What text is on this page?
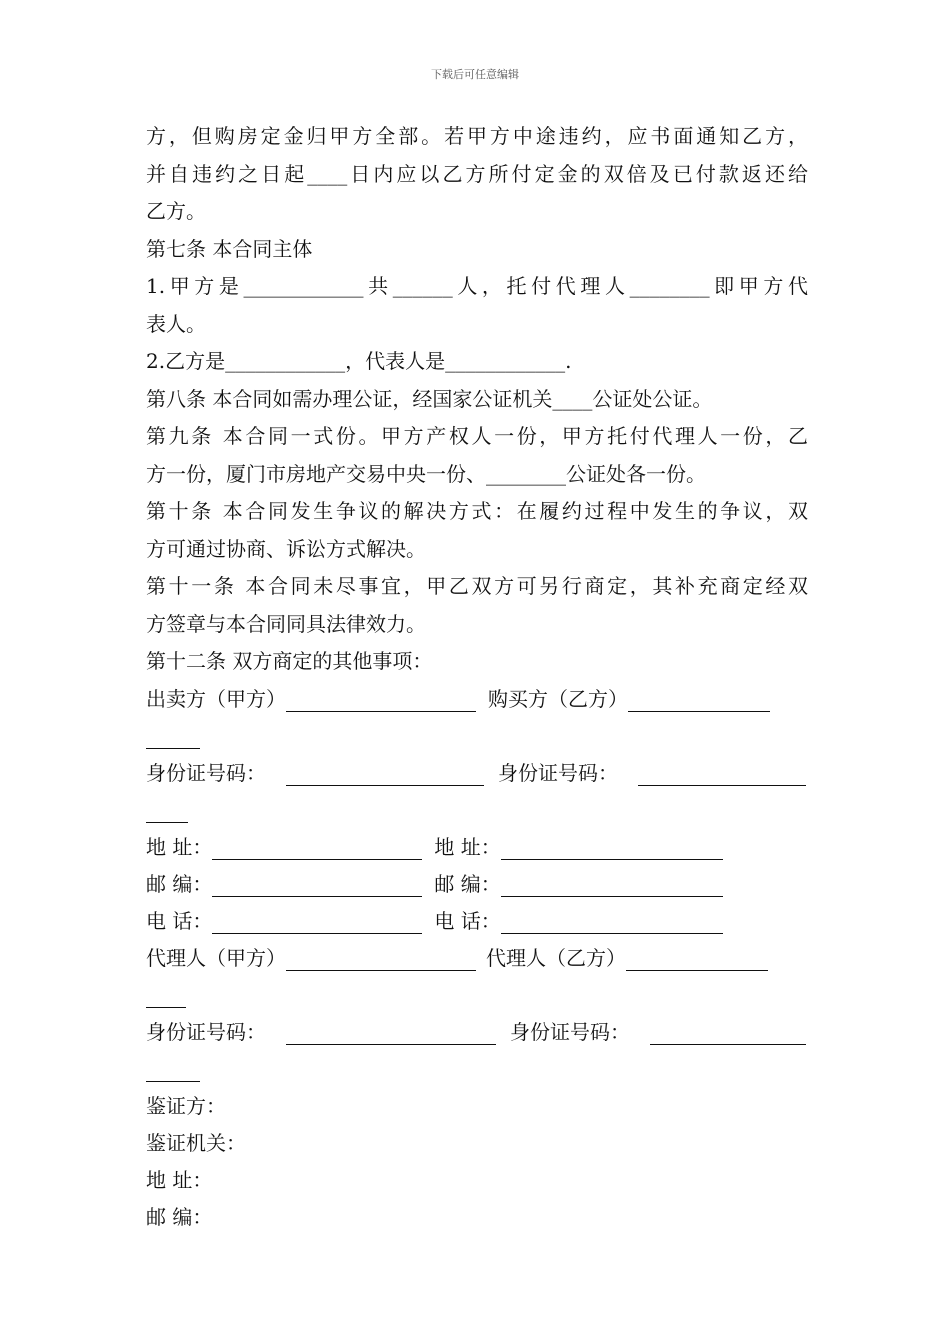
下载后可任意编辑
方，但购房定金归甲方全部。若甲方中途违约，应书面通知乙方，
并自违约之日起____日内应以乙方所付定金的双倍及已付款返还给
乙方。
第七条 本合同主体
1.甲方是____________共______人，托付代理人________即甲方代
表人。
2.乙方是____________，代表人是____________.
第八条 本合同如需办理公证，经国家公证机关____公证处公证。
第九条 本合同一式份。甲方产权人一份，甲方托付代理人一份，乙
方一份，厦门市房地产交易中央一份、________公证处各一份。
第十条 本合同发生争议的解决方式：在履约过程中发生的争议，双
方可通过协商、诉讼方式解决。
第十一条 本合同未尽事宜，甲乙双方可另行商定，其补充商定经双
方签章与本合同同具法律效力。
第十二条 双方商定的其他事项：
出卖方（甲方）	购买方（乙方）
身份证号码：	身份证号码：
地 址：	地 址：
邮 编：	邮 编：
电 话：	电 话：
代理人（甲方）	代理人（乙方）
身份证号码：	身份证号码：
鉴证方：
鉴证机关：
地 址：
邮 编：
